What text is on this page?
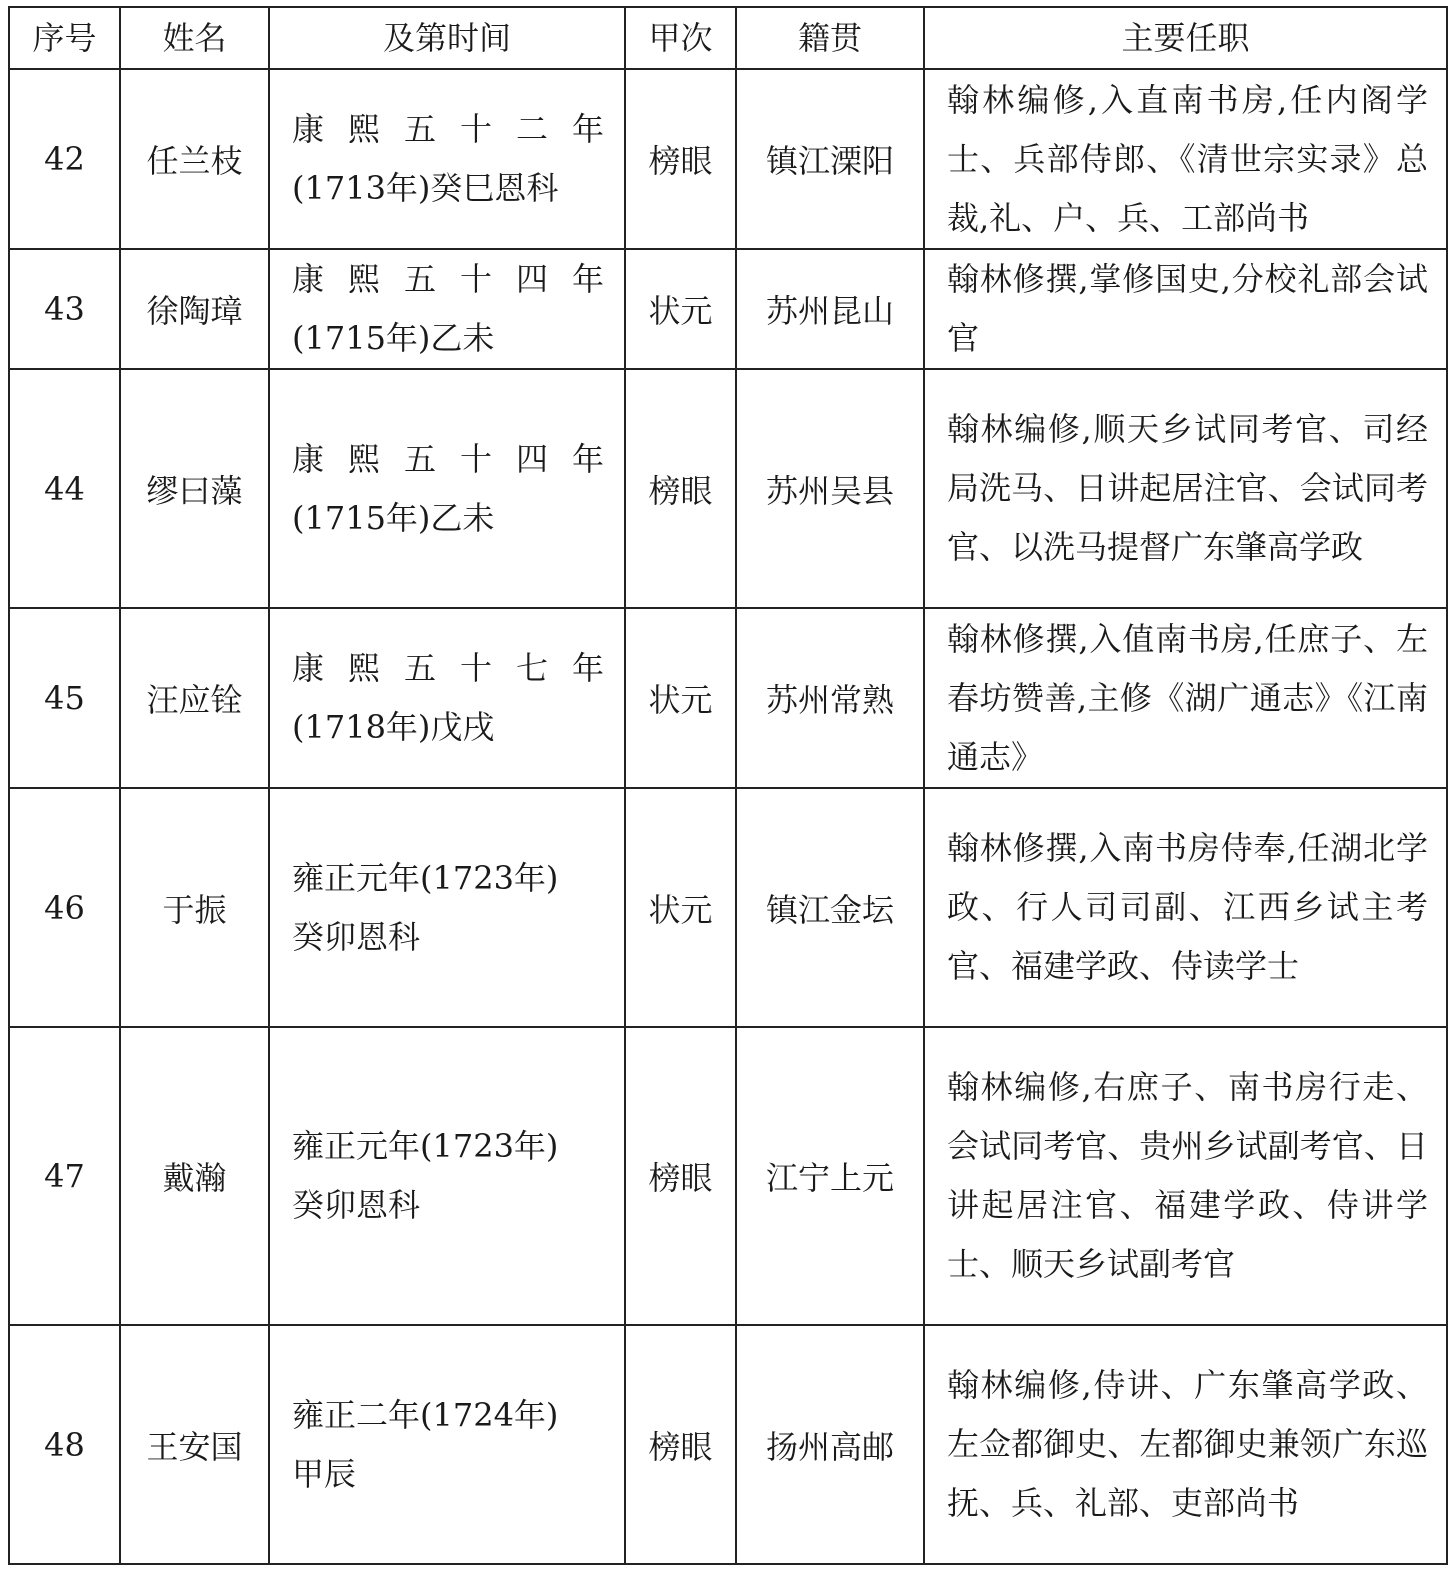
序号	姓名	及第时间	甲次	籍贯	主要任职
42	任兰枝	康 熙 五 十 二 年
(1713年)癸巳恩科	榜眼	镇江溧阳	翰林编修,入直南书房,任内阁学士、兵部侍郎、《清世宗实录》总裁,礼、户、兵、工部尚书
43	徐陶璋	康 熙 五 十 四 年
(1715年)乙未	状元	苏州昆山	翰林修撰,掌修国史,分校礼部会试官
44	缪曰藻	康 熙 五 十 四 年
(1715年)乙未	榜眼	苏州吴县	翰林编修,顺天乡试同考官、司经局洗马、日讲起居注官、会试同考官、以洗马提督广东肇高学政
45	汪应铨	康 熙 五 十 七 年
(1718年)戊戌	状元	苏州常熟	翰林修撰,入值南书房,任庶子、左春坊赞善,主修《湖广通志》《江南通志》
46	于振	雍正元年(1723年)
癸卯恩科	状元	镇江金坛	翰林修撰,入南书房侍奉,任湖北学政、行人司司副、江西乡试主考官、福建学政、侍读学士
47	戴瀚	雍正元年(1723年)
癸卯恩科	榜眼	江宁上元	翰林编修,右庶子、南书房行走、会试同考官、贵州乡试副考官、日讲起居注官、福建学政、侍讲学士、顺天乡试副考官
48	王安国	雍正二年(1724年)
甲辰	榜眼	扬州高邮	翰林编修,侍讲、广东肇高学政、左佥都御史、左都御史兼领广东巡抚、兵、礼部、吏部尚书
